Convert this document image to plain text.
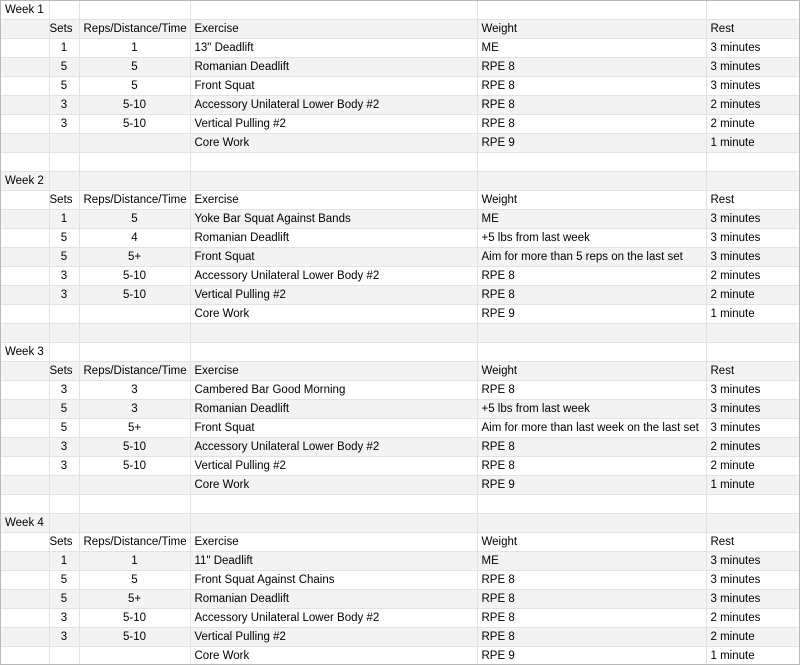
Week 1					
	Sets	Reps/Distance/Time	Exercise	Weight	Rest
	1	1	13" Deadlift	ME	3 minutes
	5	5	Romanian Deadlift	RPE 8	3 minutes
	5	5	Front Squat	RPE 8	3 minutes
	3	5-10	Accessory Unilateral Lower Body #2	RPE 8	2 minutes
	3	5-10	Vertical Pulling #2	RPE 8	2 minute
			Core Work	RPE 9	1 minute

Week 2					
	Sets	Reps/Distance/Time	Exercise	Weight	Rest
	1	5	Yoke Bar Squat Against Bands	ME	3 minutes
	5	4	Romanian Deadlift	+5 lbs from last week	3 minutes
	5	5+	Front Squat	Aim for more than 5 reps on the last set	3 minutes
	3	5-10	Accessory Unilateral Lower Body #2	RPE 8	2 minutes
	3	5-10	Vertical Pulling #2	RPE 8	2 minute
			Core Work	RPE 9	1 minute

Week 3					
	Sets	Reps/Distance/Time	Exercise	Weight	Rest
	3	3	Cambered Bar Good Morning	RPE 8	3 minutes
	5	3	Romanian Deadlift	+5 lbs from last week	3 minutes
	5	5+	Front Squat	Aim for more than last week on the last set	3 minutes
	3	5-10	Accessory Unilateral Lower Body #2	RPE 8	2 minutes
	3	5-10	Vertical Pulling #2	RPE 8	2 minute
			Core Work	RPE 9	1 minute

Week 4					
	Sets	Reps/Distance/Time	Exercise	Weight	Rest
	1	1	11" Deadlift	ME	3 minutes
	5	5	Front Squat Against Chains	RPE 8	3 minutes
	5	5+	Romanian Deadlift	RPE 8	3 minutes
	3	5-10	Accessory Unilateral Lower Body #2	RPE 8	2 minutes
	3	5-10	Vertical Pulling #2	RPE 8	2 minute
			Core Work	RPE 9	1 minute
